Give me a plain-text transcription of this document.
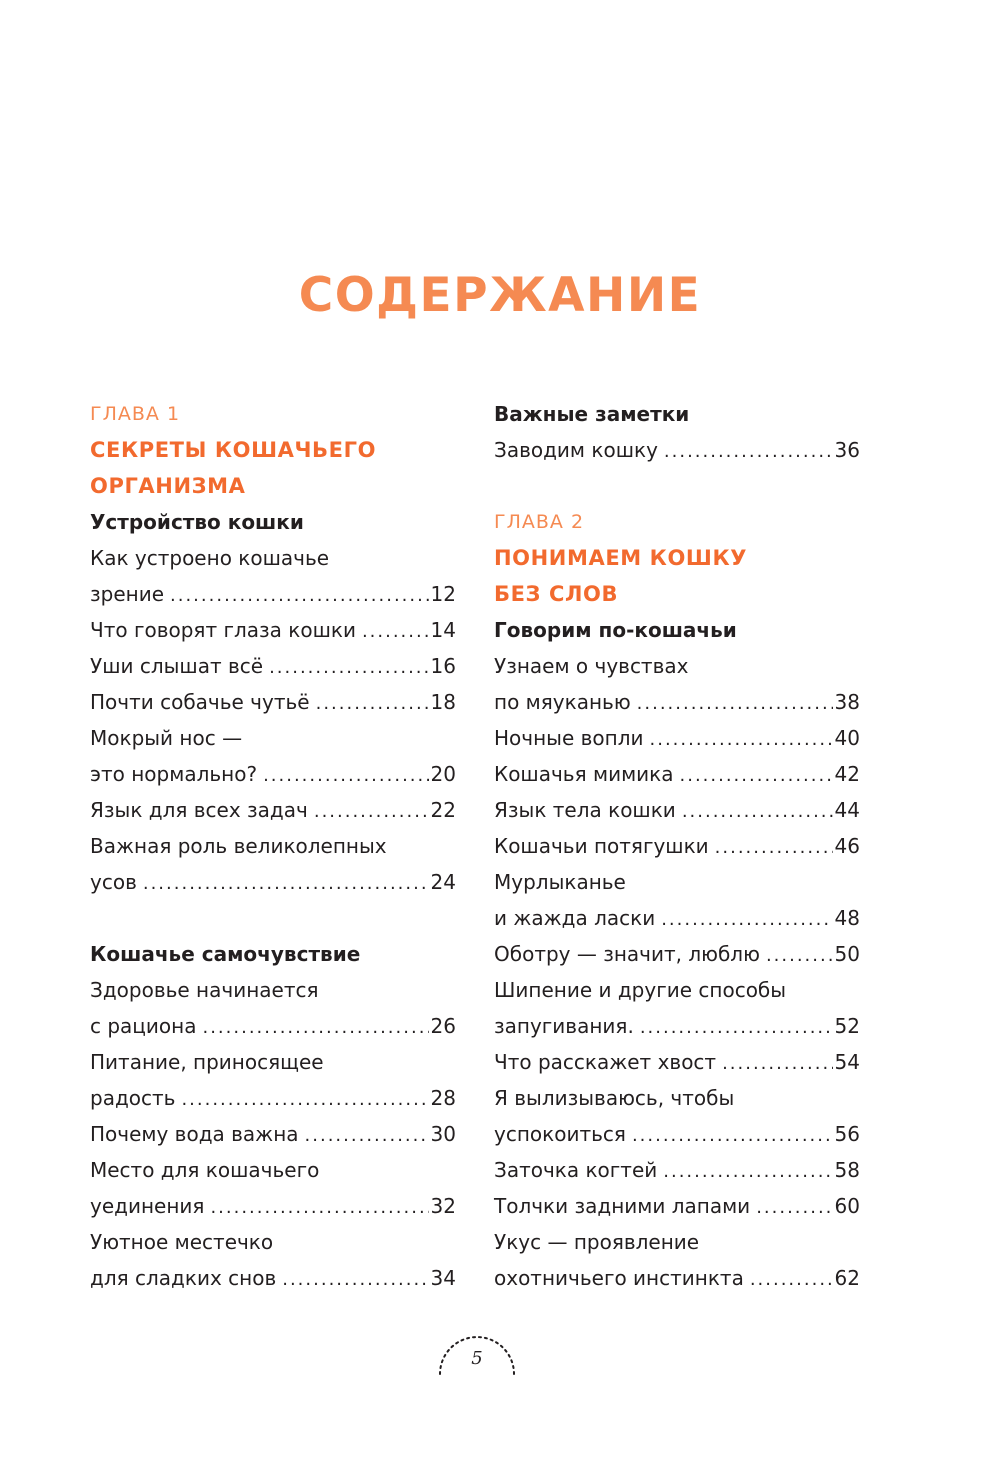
СОДЕРЖАНИЕ
ГЛАВА 1
СЕКРЕТЫ КОШАЧЬЕГО
ОРГАНИЗМА
Устройство кошки
Как устроено кошачье
зрение .....	12
Что говорят глаза кошки .....	14
Уши слышат всё .....	16
Почти собачье чутьё .....	18
Мокрый нос —
это нормально? .....	20
Язык для всех задач .....	22
Важная роль великолепных
усов .....	24
Кошачье самочувствие
Здоровье начинается
с рациона .....	26
Питание, приносящее
радость .....	28
Почему вода важна .....	30
Место для кошачьего
уединения .....	32
Уютное местечко
для сладких снов .....	34
Важные заметки
Заводим кошку .....	36
ГЛАВА 2
ПОНИМАЕМ КОШКУ
БЕЗ СЛОВ
Говорим по-кошачьи
Узнаем о чувствах
по мяуканью .....	38
Ночные вопли .....	40
Кошачья мимика .....	42
Язык тела кошки .....	44
Кошачьи потягушки .....	46
Мурлыканье
и жажда ласки .....	48
Оботру — значит, люблю .....	50
Шипение и другие способы
запугивания. .....	52
Что расскажет хвост .....	54
Я вылизываюсь, чтобы
успокоиться .....	56
Заточка когтей .....	58
Толчки задними лапами .....	60
Укус — проявление
охотничьего инстинкта .....	62
5
